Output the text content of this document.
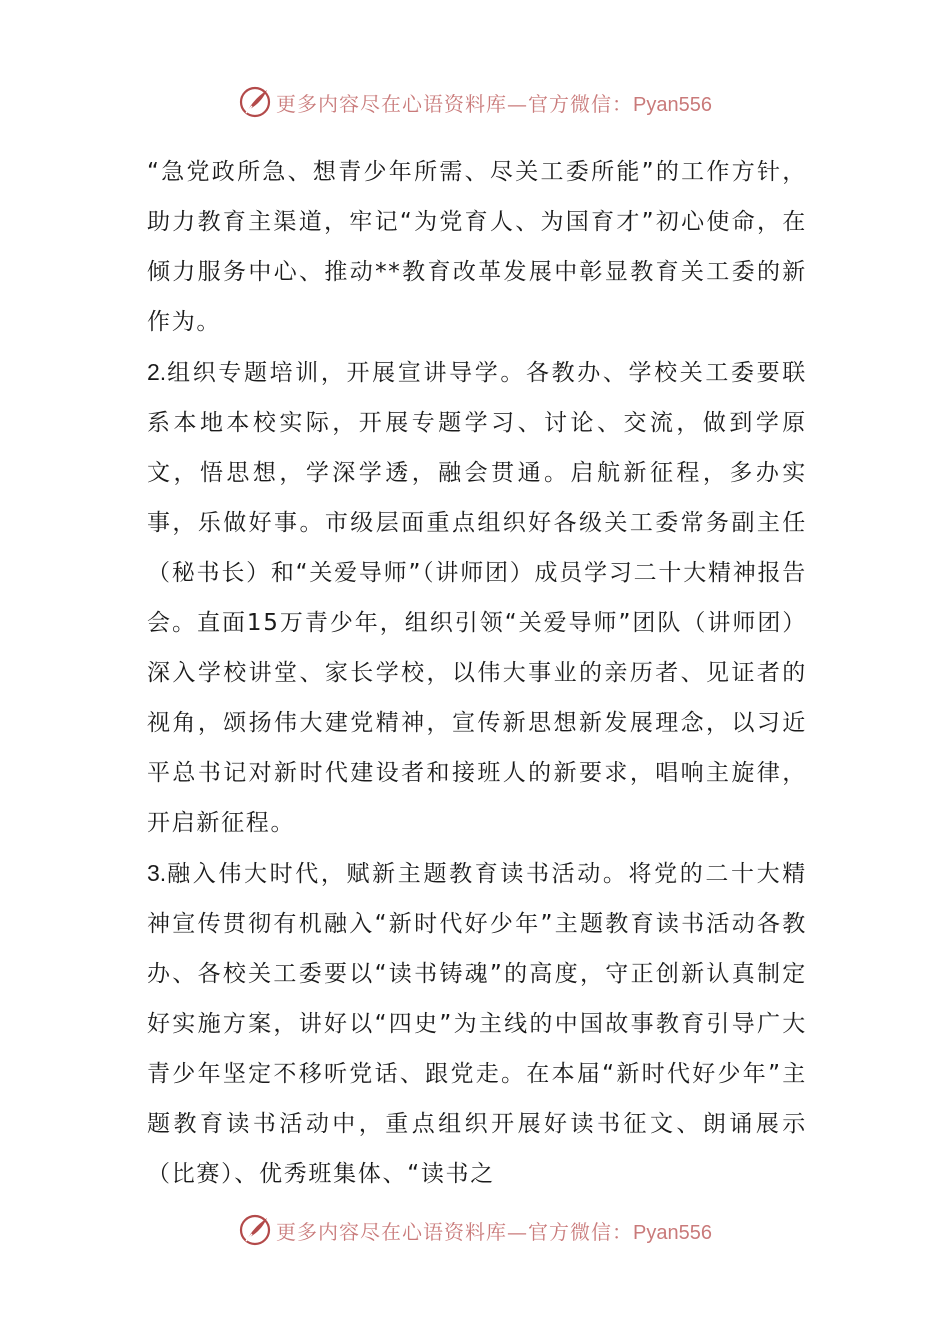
更多内容尽在心语资料库—官方微信：Pyan556

“急党政所急、想青少年所需、尽关工委所能”的工作方针，助力教育主渠道，牢记“为党育人、为国育才”初心使命，在倾力服务中心、推动**教育改革发展中彰显教育关工委的新作为。

2.组织专题培训，开展宣讲导学。各教办、学校关工委要联系本地本校实际，开展专题学习、讨论、交流，做到学原文，悟思想，学深学透，融会贯通。启航新征程，多办实事，乐做好事。市级层面重点组织好各级关工委常务副主任（秘书长）和“关爱导师”（讲师团）成员学习二十大精神报告会。直面15万青少年，组织引领“关爱导师”团队（讲师团）深入学校讲堂、家长学校，以伟大事业的亲历者、见证者的视角，颂扬伟大建党精神，宣传新思想新发展理念，以习近平总书记对新时代建设者和接班人的新要求，唱响主旋律，开启新征程。

3.融入伟大时代，赋新主题教育读书活动。将党的二十大精神宣传贯彻有机融入“新时代好少年”主题教育读书活动各教办、各校关工委要以“读书铸魂”的高度，守正创新认真制定好实施方案，讲好以“四史”为主线的中国故事教育引导广大青少年坚定不移听党话、跟党走。在本届“新时代好少年”主题教育读书活动中，重点组织开展好读书征文、朗诵展示（比赛）、优秀班集体、“读书之

更多内容尽在心语资料库—官方微信：Pyan556
